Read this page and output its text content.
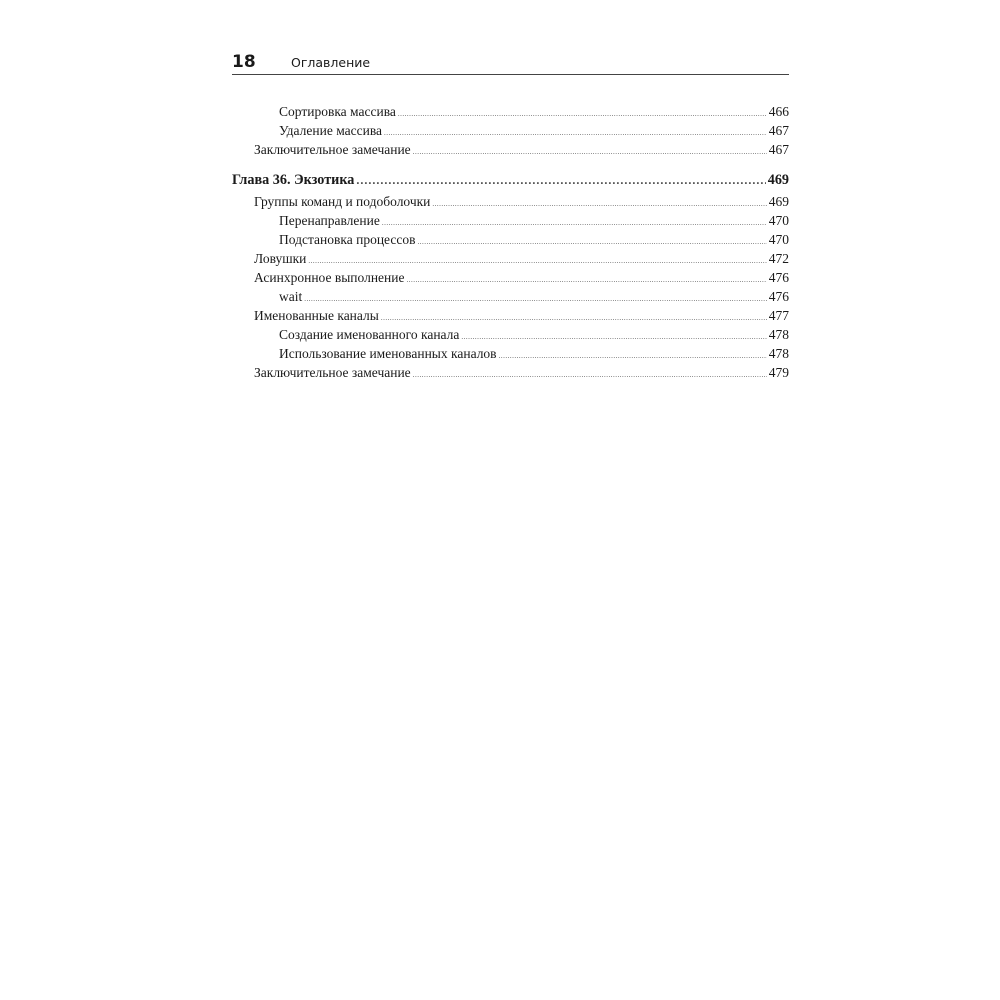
18	Оглавление
Сортировка массива .....	466
Удаление массива .....	467
Заключительное замечание .....	467
Глава 36. Экзотика .....	469
Группы команд и подоболочки .....	469
Перенаправление .....	470
Подстановка процессов .....	470
Ловушки .....	472
Асинхронное выполнение .....	476
wait .....	476
Именованные каналы .....	477
Создание именованного канала .....	478
Использование именованных каналов .....	478
Заключительное замечание .....	479
